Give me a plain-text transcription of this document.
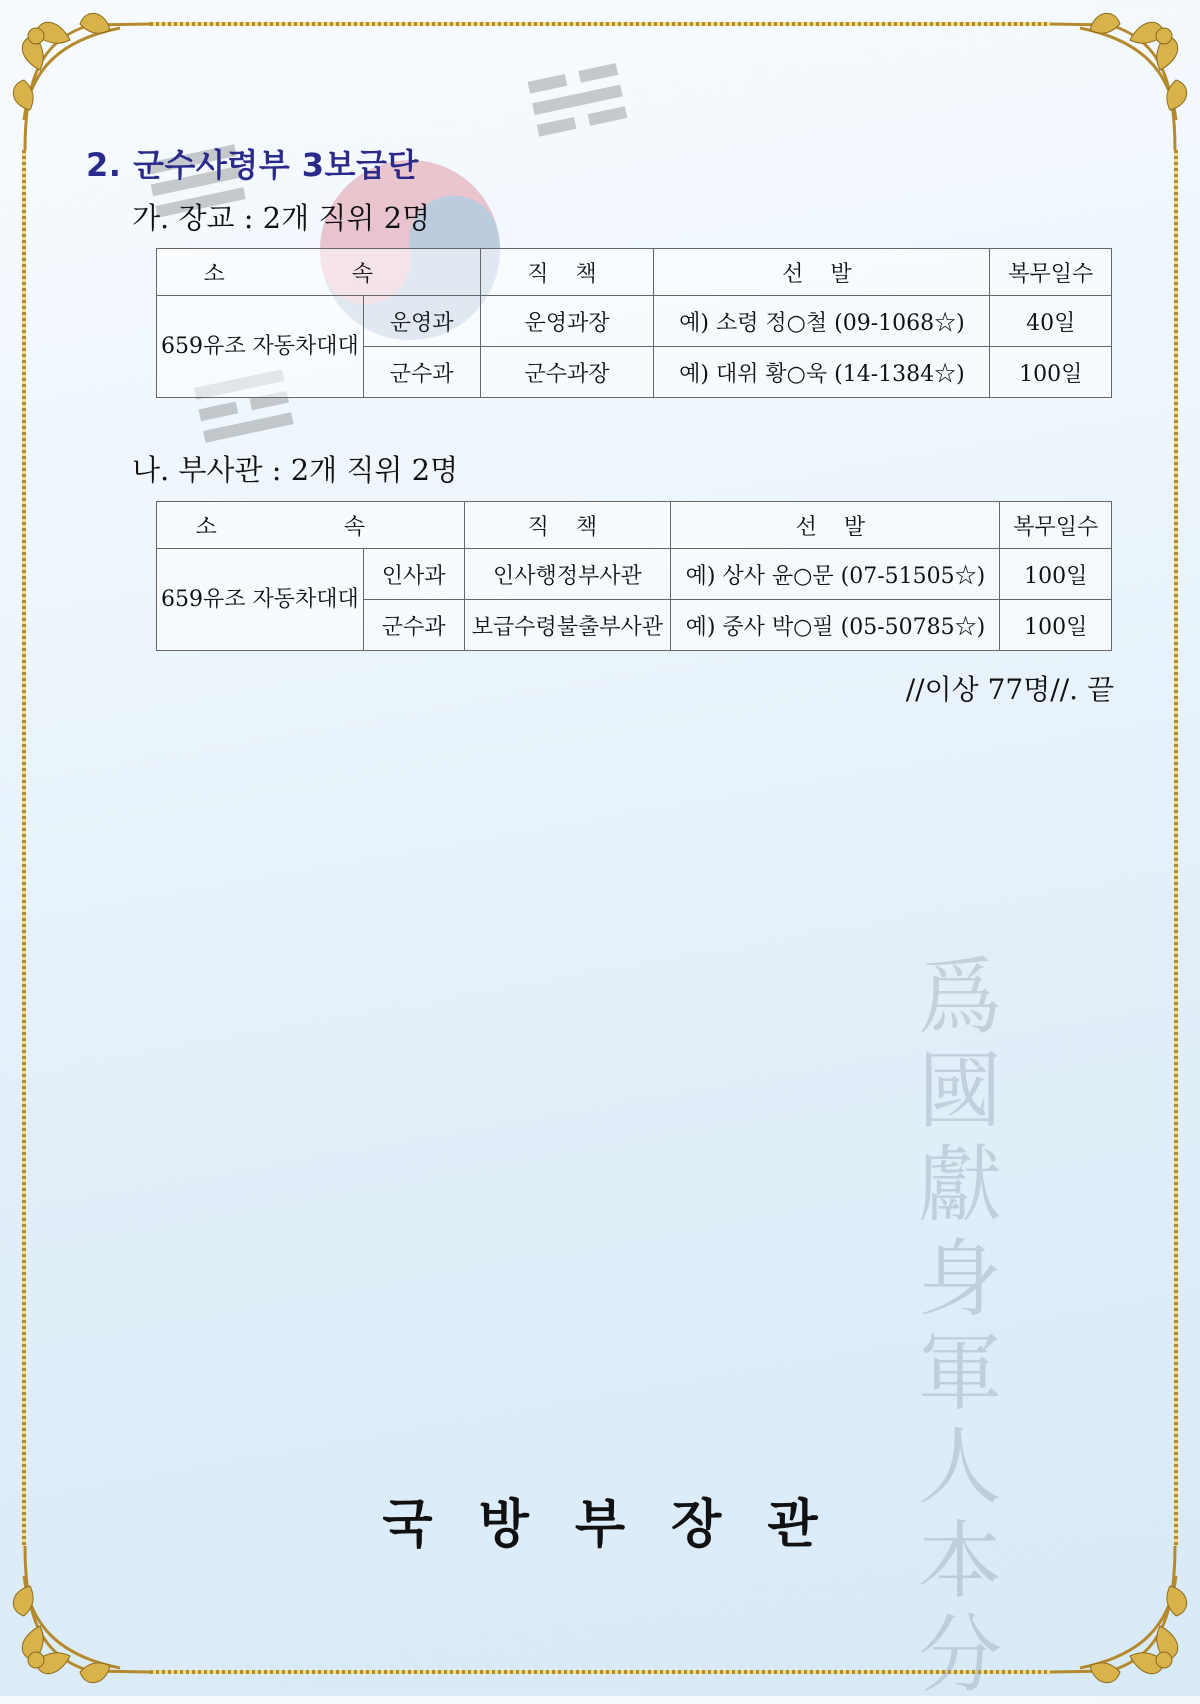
爲國獻身軍人本分
2. 군수사령부 3보급단
가. 장교 : 2개 직위 2명
소 속		직 책	선 발	복무일수
659유조 자동차대대	운영과	운영과장	예) 소령 정○철 (09-1068☆)	40일
	군수과	군수과장	예) 대위 황○욱 (14-1384☆)	100일
나. 부사관 : 2개 직위 2명
소 속		직 책	선 발	복무일수
659유조 자동차대대	인사과	인사행정부사관	예) 상사 윤○문 (07-51505☆)	100일
	군수과	보급수령불출부사관	예) 중사 박○필 (05-50785☆)	100일
//이상 77명//. 끝
국방부장관
